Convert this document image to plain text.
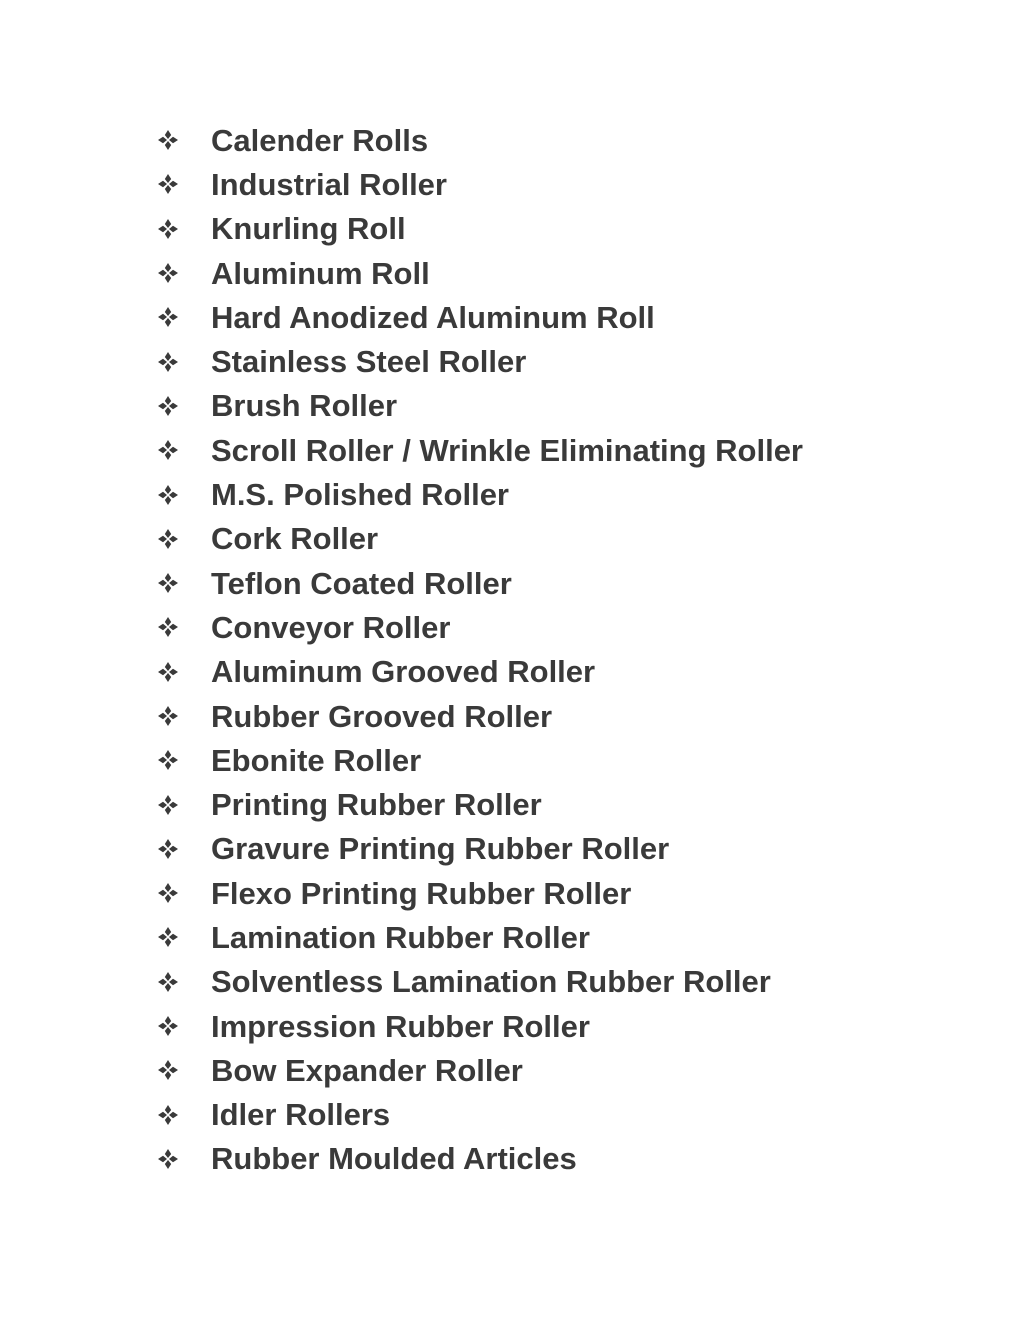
Calender Rolls
Industrial Roller
Knurling Roll
Aluminum Roll
Hard Anodized Aluminum Roll
Stainless Steel Roller
Brush Roller
Scroll Roller / Wrinkle Eliminating Roller
M.S. Polished Roller
Cork Roller
Teflon Coated Roller
Conveyor Roller
Aluminum Grooved Roller
Rubber Grooved Roller
Ebonite Roller
Printing Rubber Roller
Gravure Printing Rubber Roller
Flexo Printing Rubber Roller
Lamination Rubber Roller
Solventless Lamination Rubber Roller
Impression Rubber Roller
Bow Expander Roller
Idler Rollers
Rubber Moulded Articles
